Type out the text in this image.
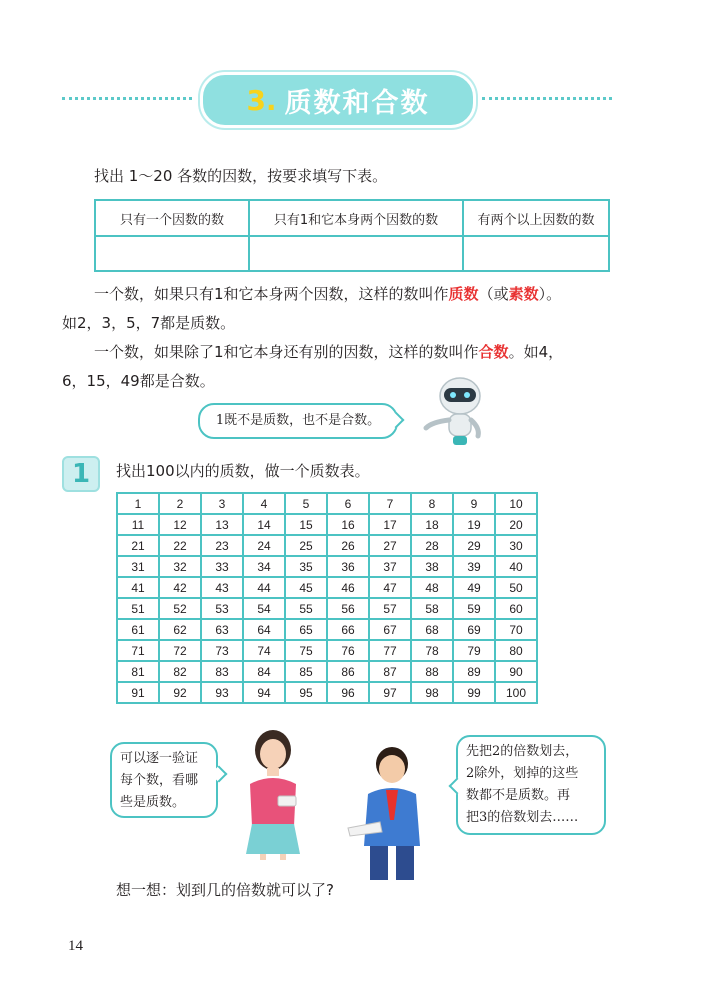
3. 质数和合数
找出 1～20 各数的因数，按要求填写下表。
只有一个因数的数	只有1和它本身两个因数的数	有两个以上因数的数

一个数，如果只有1和它本身两个因数，这样的数叫作质数（或素数）。
如2，3，5，7都是质数。
一个数，如果除了1和它本身还有别的因数，这样的数叫作合数。如4，
6，15，49都是合数。
1既不是质数，也不是合数。
1	找出100以内的质数，做一个质数表。
1	2	3	4	5	6	7	8	9	10
11	12	13	14	15	16	17	18	19	20
21	22	23	24	25	26	27	28	29	30
31	32	33	34	35	36	37	38	39	40
41	42	43	44	45	46	47	48	49	50
51	52	53	54	55	56	57	58	59	60
61	62	63	64	65	66	67	68	69	70
71	72	73	74	75	76	77	78	79	80
81	82	83	84	85	86	87	88	89	90
91	92	93	94	95	96	97	98	99	100
可以逐一验证
每个数，看哪
些是质数。
先把2的倍数划去，
2除外，划掉的这些
数都不是质数。再
把3的倍数划去……
想一想：划到几的倍数就可以了?
14
